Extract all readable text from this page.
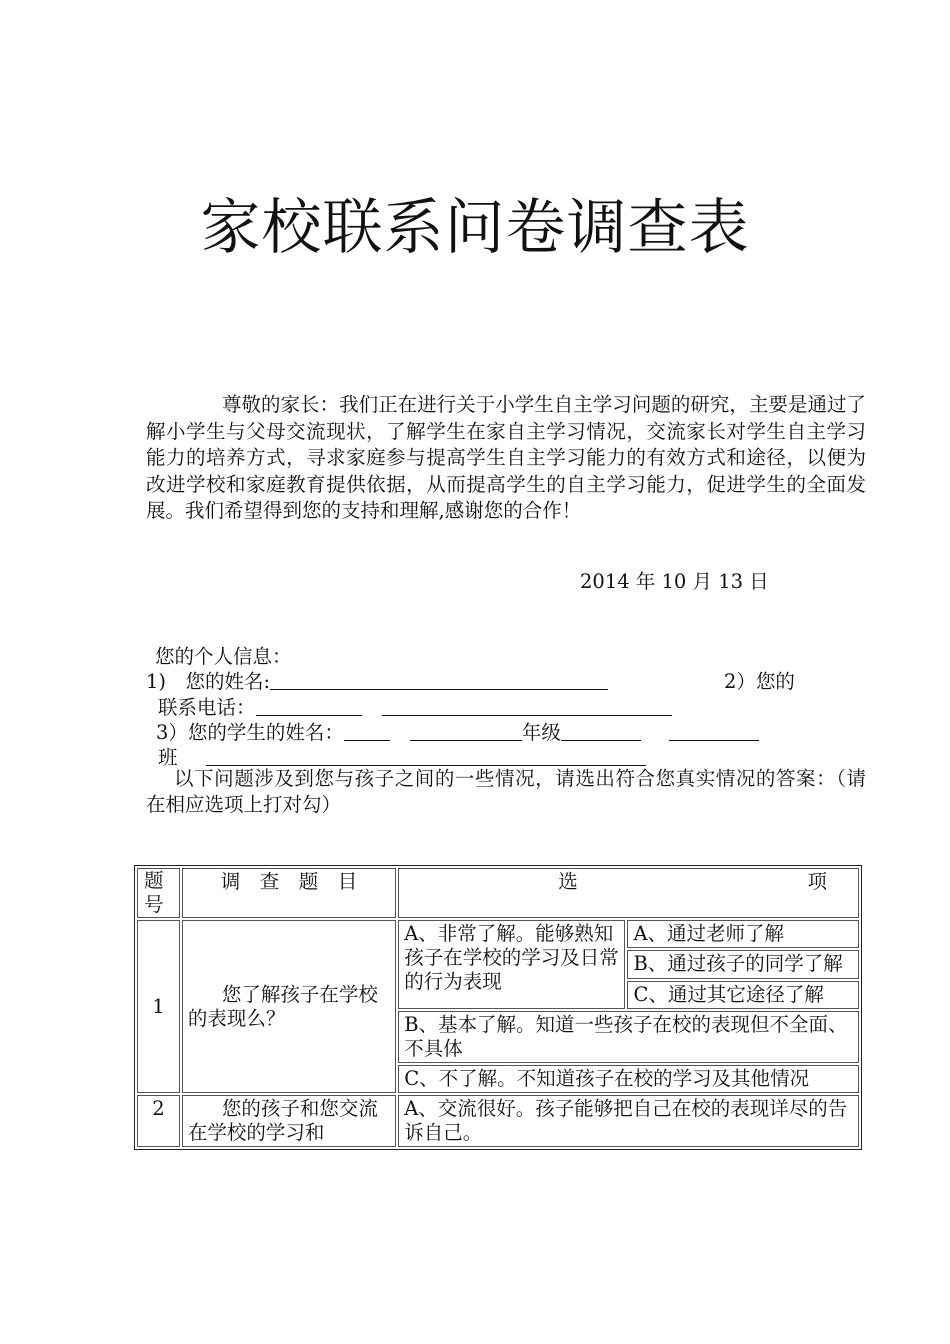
家校联系问卷调查表

尊敬的家长：我们正在进行关于小学生自主学习问题的研究，主要是通过了解小学生与父母交流现状，了解学生在家自主学习情况，交流家长对学生自主学习能力的培养方式，寻求家庭参与提高学生自主学习能力的有效方式和途径，以便为改进学校和家庭教育提供依据，从而提高学生的自主学习能力，促进学生的全面发展。我们希望得到您的支持和理解,感谢您的合作！

2014 年 10 月 13 日
您的个人信息：
1)　您的姓名:	2）您的
联系电话：
3）您的学生的姓名：	年级
班

以下问题涉及到您与孩子之间的一些情况，请选出符合您真实情况的答案：（请在相应选项上打对勾）

题号	调　查　题　目	选 项	

1	您了解孩子在学校的表现么？	A、非常了解。能够熟知孩子在学校的学习及日常的行为表现	A、通过老师了解
			B、通过孩子的同学了解
			C、通过其它途径了解
		B、基本了解。知道一些孩子在校的表现但不全面、不具体	
		C、不了解。不知道孩子在校的学习及其他情况	
2	您的孩子和您交流在学校的学习和	A、交流很好。孩子能够把自己在校的表现详尽的告诉自己。	
